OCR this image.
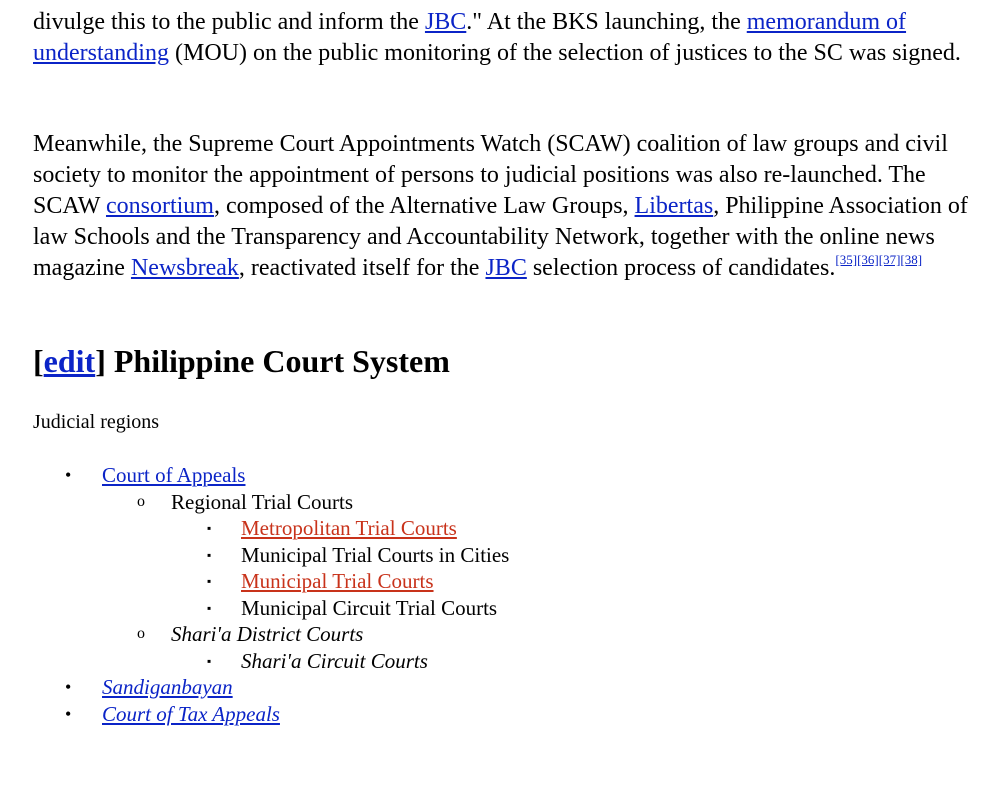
divulge this to the public and inform the JBC." At the BKS launching, the memorandum of understanding (MOU) on the public monitoring of the selection of justices to the SC was signed.

Meanwhile, the Supreme Court Appointments Watch (SCAW) coalition of law groups and civil society to monitor the appointment of persons to judicial positions was also re-launched. The SCAW consortium, composed of the Alternative Law Groups, Libertas, Philippine Association of law Schools and the Transparency and Accountability Network, together with the online news magazine Newsbreak, reactivated itself for the JBC selection process of candidates.[35][36][37][38]

[edit] Philippine Court System

Judicial regions

• Court of Appeals
o Regional Trial Courts
▪ Metropolitan Trial Courts
▪ Municipal Trial Courts in Cities
▪ Municipal Trial Courts
▪ Municipal Circuit Trial Courts
o Shari'a District Courts
▪ Shari'a Circuit Courts
• Sandiganbayan
• Court of Tax Appeals
